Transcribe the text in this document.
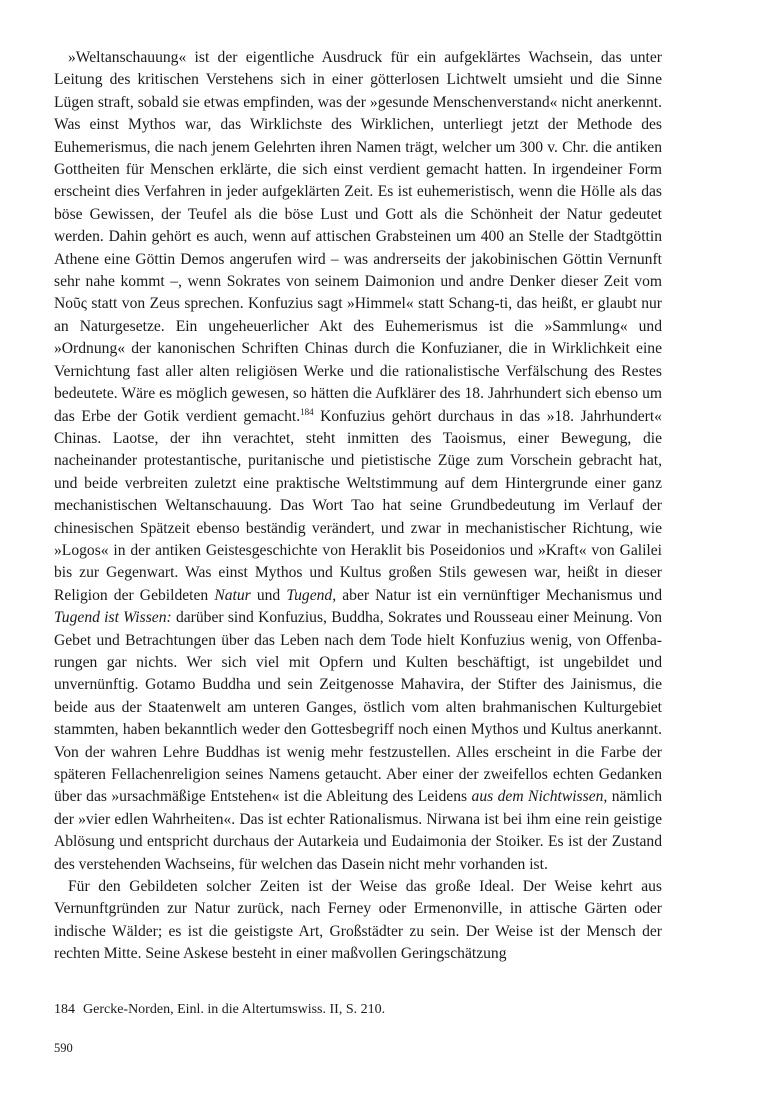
»Weltanschauung« ist der eigentliche Ausdruck für ein aufgeklärtes Wachsein, das unter Leitung des kritischen Verstehens sich in einer götterlosen Lichtwelt umsieht und die Sinne Lügen straft, sobald sie etwas empfinden, was der »gesunde Menschenverstand« nicht anerkennt. Was einst Mythos war, das Wirklichste des Wirklichen, unterliegt jetzt der Methode des Euhemerismus, die nach jenem Gelehrten ihren Namen trägt, welcher um 300 v. Chr. die antiken Gottheiten für Menschen erklärte, die sich einst verdient gemacht hatten. In irgendeiner Form erscheint dies Verfahren in jeder aufgeklärten Zeit. Es ist euhemeristisch, wenn die Hölle als das böse Gewissen, der Teufel als die böse Lust und Gott als die Schönheit der Natur gedeutet werden. Dahin gehört es auch, wenn auf attischen Grabsteinen um 400 an Stelle der Stadtgöttin Athene eine Göttin Demos angerufen wird – was andrerseits der jakobinischen Göttin Vernunft sehr nahe kommt –, wenn Sokrates von seinem Daimonion und andre Denker dieser Zeit vom Νοῦς statt von Zeus sprechen. Konfuzius sagt »Himmel« statt Schang-ti, das heißt, er glaubt nur an Naturgesetze. Ein ungeheuerlicher Akt des Euhemerismus ist die »Sammlung« und »Ordnung« der kanonischen Schriften Chinas durch die Konfuzianer, die in Wirklichkeit eine Vernichtung fast aller alten religiösen Werke und die rationalistische Verfälschung des Restes bedeutete. Wäre es möglich gewesen, so hätten die Aufklärer des 18. Jahrhundert sich ebenso um das Erbe der Gotik verdient gemacht.$^{184}$ Konfuzius gehört durchaus in das »18. Jahrhundert« Chinas. Laotse, der ihn verachtet, steht inmitten des Taoismus, einer Bewegung, die nacheinander protestantische, puritanische und pietistische Züge zum Vorschein gebracht hat, und beide verbreiten zuletzt eine praktische Weltstimmung auf dem Hintergrunde einer ganz mechanistischen Weltanschauung. Das Wort Tao hat seine Grundbedeutung im Verlauf der chinesischen Spätzeit ebenso beständig verändert, und zwar in mechanistischer Richtung, wie »Logos« in der antiken Geistesgeschichte von Heraklit bis Poseidonios und »Kraft« von Galilei bis zur Gegenwart. Was einst Mythos und Kultus großen Stils gewesen war, heißt in dieser Religion der Gebildeten Natur und Tugend, aber Natur ist ein vernünftiger Mechanismus und Tugend ist Wissen: darüber sind Konfuzius, Buddha, Sokrates und Rousseau einer Meinung. Von Gebet und Betrachtungen über das Leben nach dem Tode hielt Konfuzius wenig, von Offenbarungen gar nichts. Wer sich viel mit Opfern und Kulten beschäftigt, ist ungebildet und unvernünftig. Gotamo Buddha und sein Zeitgenosse Mahavira, der Stifter des Jainismus, die beide aus der Staatenwelt am unteren Ganges, östlich vom alten brahmanischen Kulturgebiet stammten, haben bekanntlich weder den Gottesbegriff noch einen Mythos und Kultus anerkannt. Von der wahren Lehre Buddhas ist wenig mehr festzustellen. Alles erscheint in die Farbe der späteren Fellachenreligion seines Namens getaucht. Aber einer der zweifellos echten Gedanken über das »ursachmäßige Entstehen« ist die Ableitung des Leidens aus dem Nichtwissen, nämlich der »vier edlen Wahrheiten«. Das ist echter Rationalismus. Nirwana ist bei ihm eine rein geistige Ablösung und entspricht durchaus der Autarkeia und Eudaimonia der Stoiker. Es ist der Zustand des verstehenden Wachseins, für welchen das Dasein nicht mehr vorhanden ist.

Für den Gebildeten solcher Zeiten ist der Weise das große Ideal. Der Weise kehrt aus Vernunftgründen zur Natur zurück, nach Ferney oder Ermenonville, in attische Gärten oder indische Wälder; es ist die geistigste Art, Großstädter zu sein. Der Weise ist der Mensch der rechten Mitte. Seine Askese besteht in einer maßvollen Geringschätzung

184 Gercke-Norden, Einl. in die Altertumswiss. II, S. 210.

590
